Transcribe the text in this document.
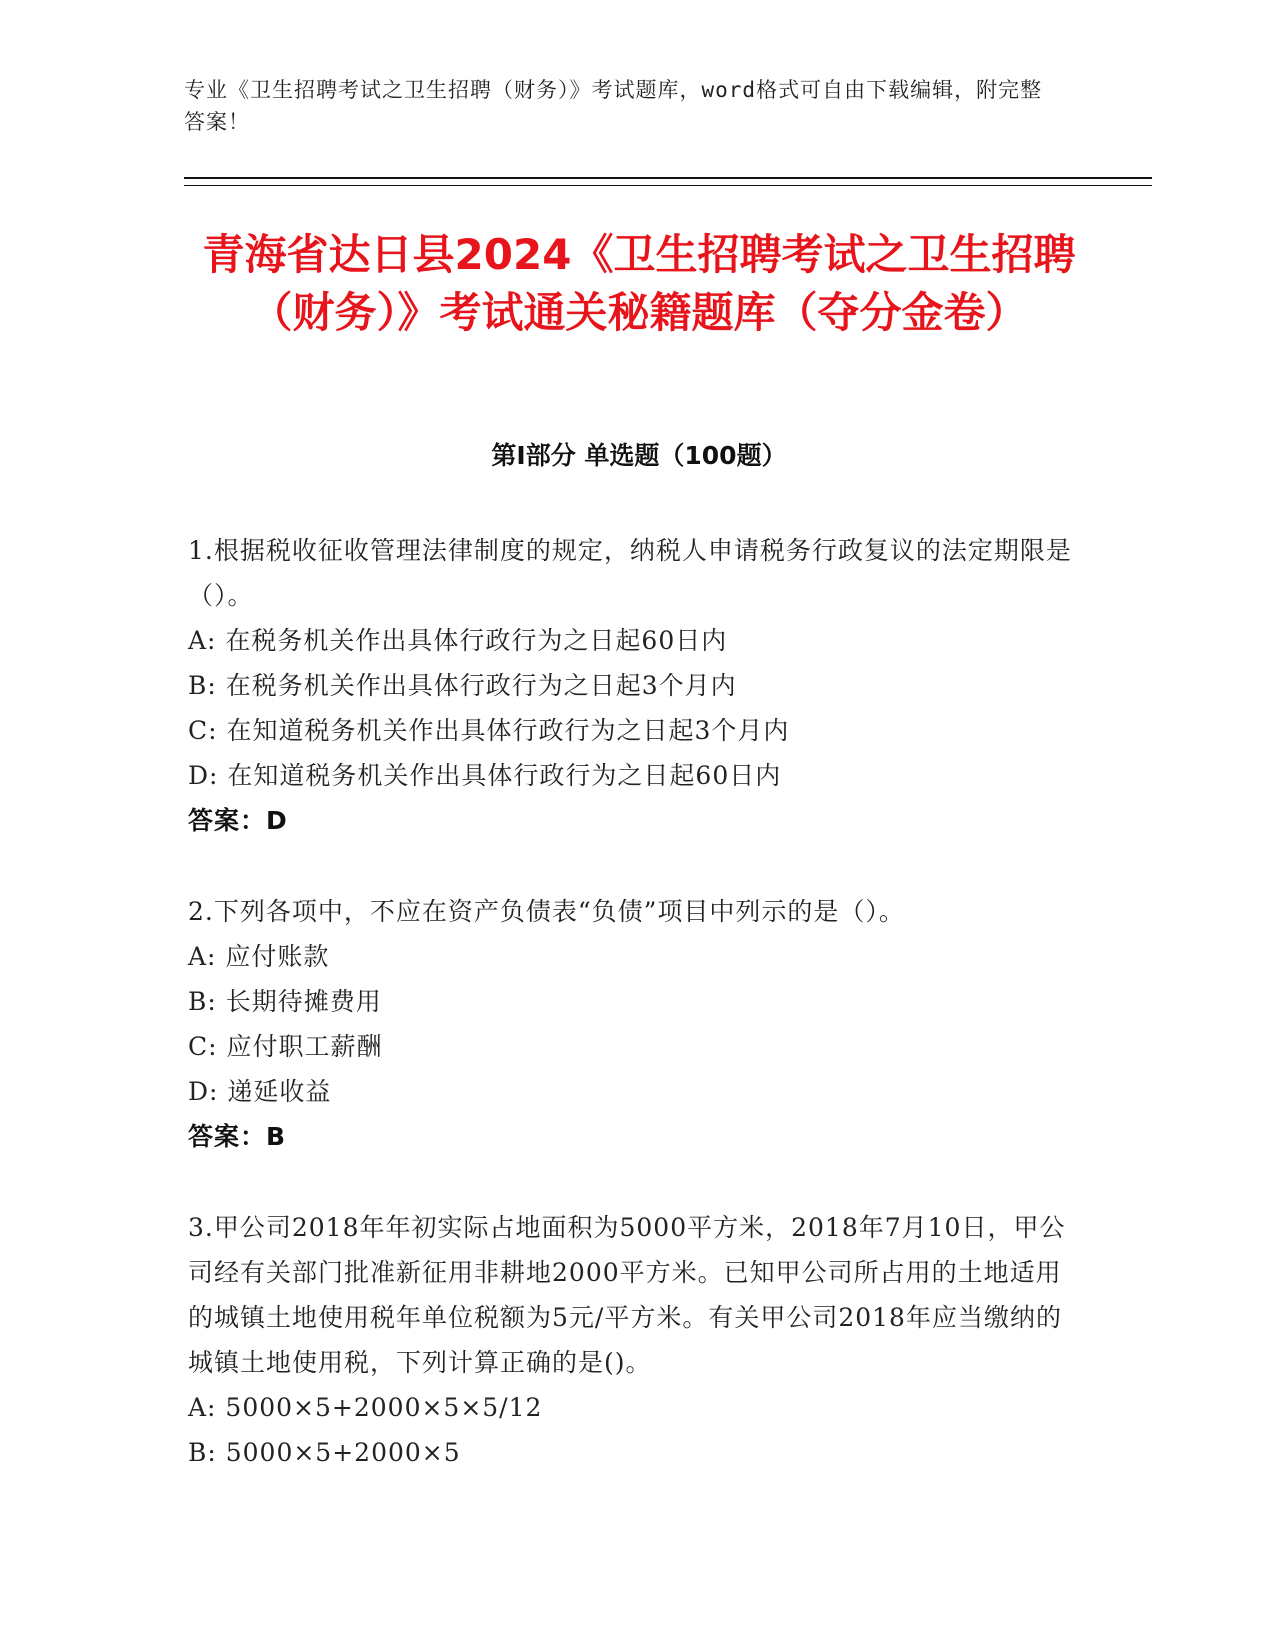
专业《卫生招聘考试之卫生招聘（财务）》考试题库，word格式可自由下载编辑，附完整答案！
青海省达日县2024《卫生招聘考试之卫生招聘（财务）》考试通关秘籍题库（夺分金卷）
第Ⅰ部分 单选题（100题）

1.根据税收征收管理法律制度的规定，纳税人申请税务行政复议的法定期限是（）。

A: 在税务机关作出具体行政行为之日起60日内

B: 在税务机关作出具体行政行为之日起3个月内

C: 在知道税务机关作出具体行政行为之日起3个月内

D: 在知道税务机关作出具体行政行为之日起60日内

答案：D

2.下列各项中，不应在资产负债表“负债”项目中列示的是（）。

A: 应付账款

B: 长期待摊费用

C: 应付职工薪酬

D: 递延收益

答案：B

3.甲公司2018年年初实际占地面积为5000平方米，2018年7月10日，甲公司经有关部门批准新征用非耕地2000平方米。已知甲公司所占用的土地适用的城镇土地使用税年单位税额为5元/平方米。有关甲公司2018年应当缴纳的城镇土地使用税，下列计算正确的是()。

A: 5000×5+2000×5×5/12

B: 5000×5+2000×5
